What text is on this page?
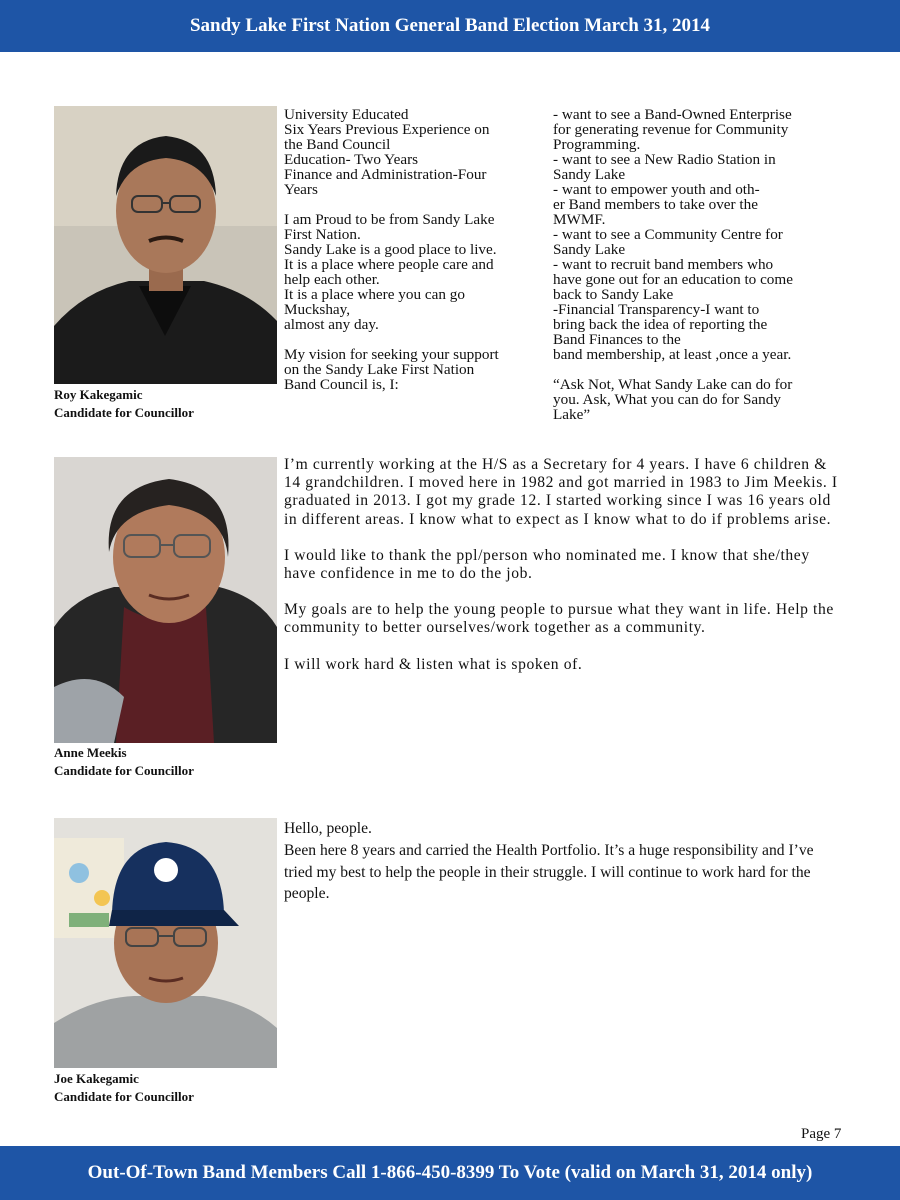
Sandy Lake First Nation General Band Election March 31, 2014
Roy Kakegamic
Candidate for Councillor

University Educated

Six Years Previous Experience on

the Band Council

Education- Two Years

Finance and Administration-Four

Years

I am Proud to be from Sandy Lake

First Nation.

Sandy Lake is a good place to live.

It is a place where people care and

help each other.

It is a place where you can go

Muckshay,

almost any day.

My vision for seeking your support

on the Sandy Lake First Nation

Band Council is, I:

- want to see a Band-Owned Enterprise

for generating revenue for Community

Programming.

- want to see a New Radio Station in

Sandy Lake

- want to empower youth and oth-

er Band members to take over the

MWMF.

- want to see a Community Centre for

Sandy Lake

- want to recruit band members who

have gone out for an education to come

back to Sandy Lake

-Financial Transparency-I want to

bring back the idea of reporting the

Band Finances to the

band membership, at least ,once a year.

“Ask Not, What Sandy Lake can do for

you. Ask, What you can do for Sandy

Lake”

Anne Meekis
Candidate for Councillor

I’m currently working at the H/S as a Secretary for 4 years. I have 6 children & 14 grandchildren. I moved here in 1982 and got married in 1983 to Jim Meekis. I graduated in 2013. I got my grade 12. I started working since I was 16 years old in different areas. I know what to expect as I know what to do if problems arise.

I would like to thank the ppl/person who nominated me. I know that she/they have confidence in me to do the job.

My goals are to help the young people to pursue what they want in life. Help the community to better ourselves/work together as a community.

I will work hard & listen what is spoken of.

Joe Kakegamic
Candidate for Councillor

Hello, people.

Been here 8 years and carried the Health Portfolio. It’s a huge responsibility and I’ve tried my best to help the people in their struggle. I will continue to work hard for the people.

Page 7
Out-Of-Town Band Members Call 1-866-450-8399 To Vote (valid on March 31, 2014 only)
